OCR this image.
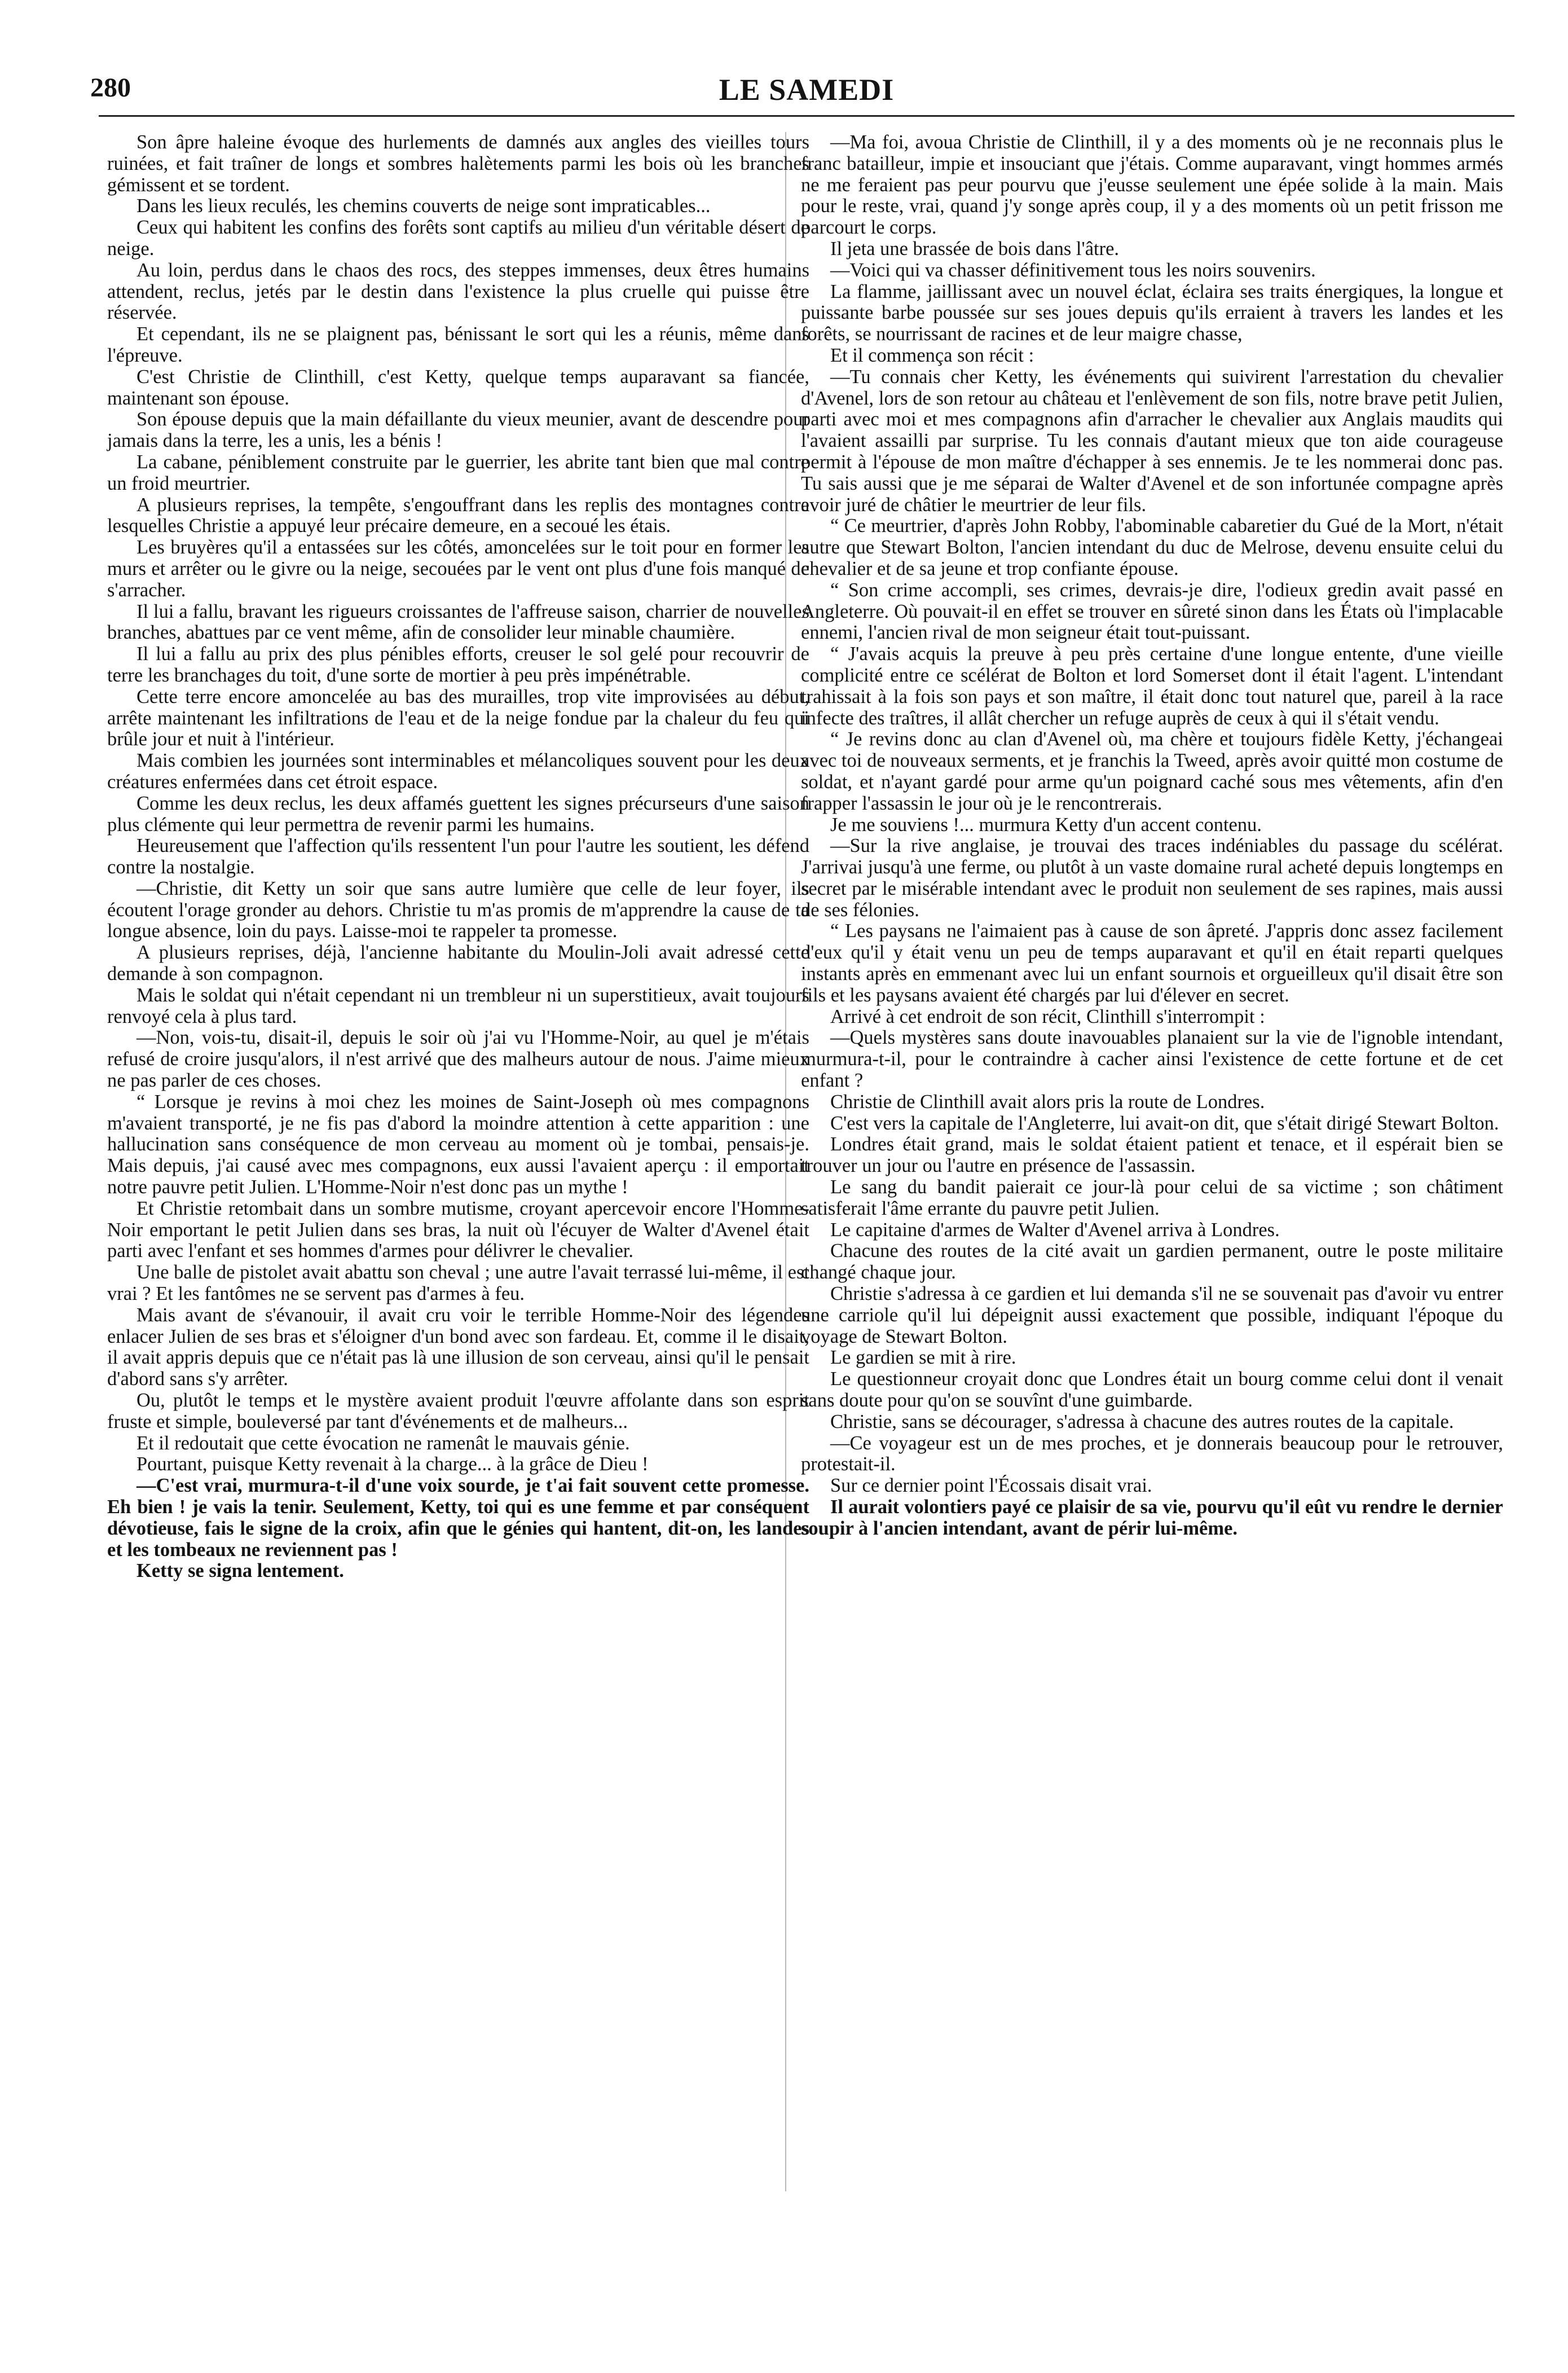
280	LE SAMEDI

Son âpre haleine évoque des hurlements de damnés aux angles des vieilles tours ruinées, et fait traîner de longs et sombres halètements parmi les bois où les branches gémissent et se tordent.

Dans les lieux reculés, les chemins couverts de neige sont impraticables...

Ceux qui habitent les confins des forêts sont captifs au milieu d'un véritable désert de neige.

Au loin, perdus dans le chaos des rocs, des steppes immenses, deux êtres humains attendent, reclus, jetés par le destin dans l'existence la plus cruelle qui puisse être réservée.

Et cependant, ils ne se plaignent pas, bénissant le sort qui les a réunis, même dans l'épreuve.

C'est Christie de Clinthill, c'est Ketty, quelque temps auparavant sa fiancée, maintenant son épouse.

Son épouse depuis que la main défaillante du vieux meunier, avant de descendre pour jamais dans la terre, les a unis, les a bénis !

La cabane, péniblement construite par le guerrier, les abrite tant bien que mal contre un froid meurtrier.

A plusieurs reprises, la tempête, s'engouffrant dans les replis des montagnes contre lesquelles Christie a appuyé leur précaire demeure, en a secoué les étais.

Les bruyères qu'il a entassées sur les côtés, amoncelées sur le toit pour en former les murs et arrêter ou le givre ou la neige, secouées par le vent ont plus d'une fois manqué de s'arracher.

Il lui a fallu, bravant les rigueurs croissantes de l'affreuse saison, charrier de nouvelles branches, abattues par ce vent même, afin de consolider leur minable chaumière.

Il lui a fallu au prix des plus pénibles efforts, creuser le sol gelé pour recouvrir de terre les branchages du toit, d'une sorte de mortier à peu près impénétrable.

Cette terre encore amoncelée au bas des murailles, trop vite improvisées au début, arrête maintenant les infiltrations de l'eau et de la neige fondue par la chaleur du feu qui brûle jour et nuit à l'intérieur.

Mais combien les journées sont interminables et mélancoliques souvent pour les deux créatures enfermées dans cet étroit espace.

Comme les deux reclus, les deux affamés guettent les signes précurseurs d'une saison plus clémente qui leur permettra de revenir parmi les humains.

Heureusement que l'affection qu'ils ressentent l'un pour l'autre les soutient, les défend contre la nostalgie.

—Christie, dit Ketty un soir que sans autre lumière que celle de leur foyer, ils écoutent l'orage gronder au dehors. Christie tu m'as promis de m'apprendre la cause de ta longue absence, loin du pays. Laisse-moi te rappeler ta promesse.

A plusieurs reprises, déjà, l'ancienne habitante du Moulin-Joli avait adressé cette demande à son compagnon.

Mais le soldat qui n'était cependant ni un trembleur ni un superstitieux, avait toujours renvoyé cela à plus tard.

—Non, vois-tu, disait-il, depuis le soir où j'ai vu l'Homme-Noir, au quel je m'étais refusé de croire jusqu'alors, il n'est arrivé que des malheurs autour de nous. J'aime mieux ne pas parler de ces choses.

“ Lorsque je revins à moi chez les moines de Saint-Joseph où mes compagnons m'avaient transporté, je ne fis pas d'abord la moindre attention à cette apparition : une hallucination sans conséquence de mon cerveau au moment où je tombai, pensais-je. Mais depuis, j'ai causé avec mes compagnons, eux aussi l'avaient aperçu : il emportait notre pauvre petit Julien. L'Homme-Noir n'est donc pas un mythe !

Et Christie retombait dans un sombre mutisme, croyant apercevoir encore l'Homme-Noir emportant le petit Julien dans ses bras, la nuit où l'écuyer de Walter d'Avenel était parti avec l'enfant et ses hommes d'armes pour délivrer le chevalier.

Une balle de pistolet avait abattu son cheval ; une autre l'avait terrassé lui-même, il est vrai ? Et les fantômes ne se servent pas d'armes à feu.

Mais avant de s'évanouir, il avait cru voir le terrible Homme-Noir des légendes enlacer Julien de ses bras et s'éloigner d'un bond avec son fardeau. Et, comme il le disait, il avait appris depuis que ce n'était pas là une illusion de son cerveau, ainsi qu'il le pensait d'abord sans s'y arrêter.

Ou, plutôt le temps et le mystère avaient produit l'œuvre affolante dans son esprit fruste et simple, bouleversé par tant d'événements et de malheurs...

Et il redoutait que cette évocation ne ramenât le mauvais génie.

Pourtant, puisque Ketty revenait à la charge... à la grâce de Dieu !

—C'est vrai, murmura-t-il d'une voix sourde, je t'ai fait souvent cette promesse. Eh bien ! je vais la tenir. Seulement, Ketty, toi qui es une femme et par conséquent dévotieuse, fais le signe de la croix, afin que le génies qui hantent, dit-on, les landes et les tombeaux ne reviennent pas !

Ketty se signa lentement.

—Ma foi, avoua Christie de Clinthill, il y a des moments où je ne reconnais plus le franc batailleur, impie et insouciant que j'étais. Comme auparavant, vingt hommes armés ne me feraient pas peur pourvu que j'eusse seulement une épée solide à la main. Mais pour le reste, vrai, quand j'y songe après coup, il y a des moments où un petit frisson me parcourt le corps.

Il jeta une brassée de bois dans l'âtre.

—Voici qui va chasser définitivement tous les noirs souvenirs.

La flamme, jaillissant avec un nouvel éclat, éclaira ses traits énergiques, la longue et puissante barbe poussée sur ses joues depuis qu'ils erraient à travers les landes et les forêts, se nourrissant de racines et de leur maigre chasse,

Et il commença son récit :

—Tu connais cher Ketty, les événements qui suivirent l'arrestation du chevalier d'Avenel, lors de son retour au château et l'enlèvement de son fils, notre brave petit Julien, parti avec moi et mes compagnons afin d'arracher le chevalier aux Anglais maudits qui l'avaient assailli par surprise. Tu les connais d'autant mieux que ton aide courageuse permit à l'épouse de mon maître d'échapper à ses ennemis. Je te les nommerai donc pas. Tu sais aussi que je me séparai de Walter d'Avenel et de son infortunée compagne après avoir juré de châtier le meurtrier de leur fils.

“ Ce meurtrier, d'après John Robby, l'abominable cabaretier du Gué de la Mort, n'était autre que Stewart Bolton, l'ancien intendant du duc de Melrose, devenu ensuite celui du chevalier et de sa jeune et trop confiante épouse.

“ Son crime accompli, ses crimes, devrais-je dire, l'odieux gredin avait passé en Angleterre. Où pouvait-il en effet se trouver en sûreté sinon dans les États où l'implacable ennemi, l'ancien rival de mon seigneur était tout-puissant.

“ J'avais acquis la preuve à peu près certaine d'une longue entente, d'une vieille complicité entre ce scélérat de Bolton et lord Somerset dont il était l'agent. L'intendant trahissait à la fois son pays et son maître, il était donc tout naturel que, pareil à la race infecte des traîtres, il allât chercher un refuge auprès de ceux à qui il s'était vendu.

“ Je revins donc au clan d'Avenel où, ma chère et toujours fidèle Ketty, j'échangeai avec toi de nouveaux serments, et je franchis la Tweed, après avoir quitté mon costume de soldat, et n'ayant gardé pour arme qu'un poignard caché sous mes vêtements, afin d'en frapper l'assassin le jour où je le rencontrerais.

Je me souviens !... murmura Ketty d'un accent contenu.

—Sur la rive anglaise, je trouvai des traces indéniables du passage du scélérat. J'arrivai jusqu'à une ferme, ou plutôt à un vaste domaine rural acheté depuis longtemps en secret par le misérable intendant avec le produit non seulement de ses rapines, mais aussi de ses félonies.

“ Les paysans ne l'aimaient pas à cause de son âpreté. J'appris donc assez facilement d'eux qu'il y était venu un peu de temps auparavant et qu'il en était reparti quelques instants après en emmenant avec lui un enfant sournois et orgueilleux qu'il disait être son fils et les paysans avaient été chargés par lui d'élever en secret.

Arrivé à cet endroit de son récit, Clinthill s'interrompit :

—Quels mystères sans doute inavouables planaient sur la vie de l'ignoble intendant, murmura-t-il, pour le contraindre à cacher ainsi l'existence de cette fortune et de cet enfant ?

Christie de Clinthill avait alors pris la route de Londres.

C'est vers la capitale de l'Angleterre, lui avait-on dit, que s'était dirigé Stewart Bolton.

Londres était grand, mais le soldat étaient patient et tenace, et il espérait bien se trouver un jour ou l'autre en présence de l'assassin.

Le sang du bandit paierait ce jour-là pour celui de sa victime ; son châtiment satisferait l'âme errante du pauvre petit Julien.

Le capitaine d'armes de Walter d'Avenel arriva à Londres.

Chacune des routes de la cité avait un gardien permanent, outre le poste militaire changé chaque jour.

Christie s'adressa à ce gardien et lui demanda s'il ne se souvenait pas d'avoir vu entrer une carriole qu'il lui dépeignit aussi exactement que possible, indiquant l'époque du voyage de Stewart Bolton.

Le gardien se mit à rire.

Le questionneur croyait donc que Londres était un bourg comme celui dont il venait sans doute pour qu'on se souvînt d'une guimbarde.

Christie, sans se décourager, s'adressa à chacune des autres routes de la capitale.

—Ce voyageur est un de mes proches, et je donnerais beaucoup pour le retrouver, protestait-il.

Sur ce dernier point l'Écossais disait vrai.

Il aurait volontiers payé ce plaisir de sa vie, pourvu qu'il eût vu rendre le dernier soupir à l'ancien intendant, avant de périr lui-même.
